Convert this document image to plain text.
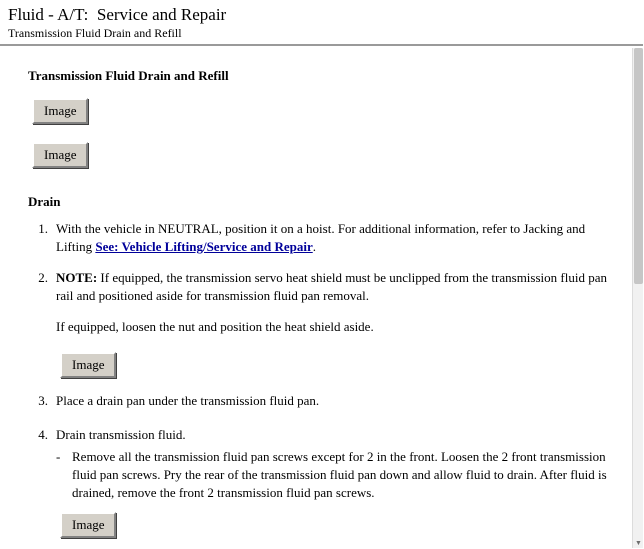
Fluid - A/T:  Service and Repair
Transmission Fluid Drain and Refill
Transmission Fluid Drain and Refill
Image
Image
Drain
1. With the vehicle in NEUTRAL, position it on a hoist. For additional information, refer to Jacking and Lifting See: Vehicle Lifting/Service and Repair.
2. NOTE: If equipped, the transmission servo heat shield must be unclipped from the transmission fluid pan rail and positioned aside for transmission fluid pan removal.
If equipped, loosen the nut and position the heat shield aside.
Image
3. Place a drain pan under the transmission fluid pan.
4. Drain transmission fluid.
- Remove all the transmission fluid pan screws except for 2 in the front. Loosen the 2 front transmission fluid pan screws. Pry the rear of the transmission fluid pan down and allow fluid to drain. After fluid is drained, remove the front 2 transmission fluid pan screws.
Image
▼
